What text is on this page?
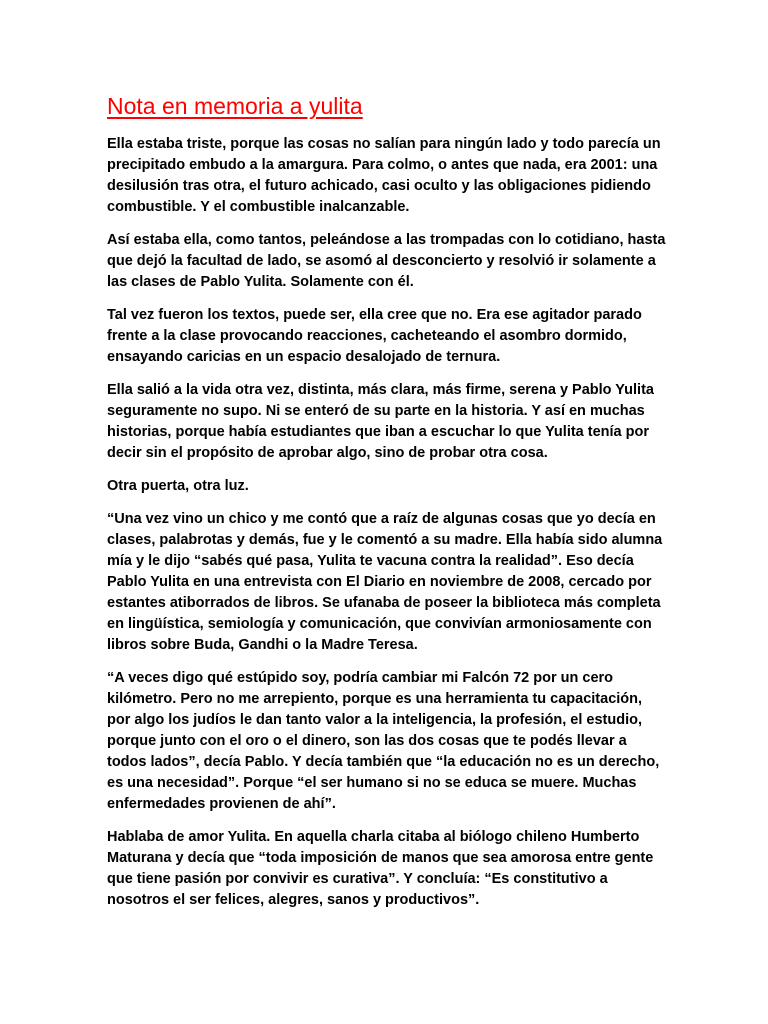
Nota en memoria a yulita

Ella estaba triste, porque las cosas no salían para ningún lado y todo parecía un precipitado embudo a la amargura. Para colmo, o antes que nada, era 2001: una desilusión tras otra, el futuro achicado, casi oculto y las obligaciones pidiendo combustible. Y el combustible inalcanzable.

Así estaba ella, como tantos, peleándose a las trompadas con lo cotidiano, hasta que dejó la facultad de lado, se asomó al desconcierto y resolvió ir solamente a las clases de Pablo Yulita. Solamente con él.

Tal vez fueron los textos, puede ser, ella cree que no. Era ese agitador parado frente a la clase provocando reacciones, cacheteando el asombro dormido, ensayando caricias en un espacio desalojado de ternura.

Ella salió a la vida otra vez, distinta, más clara, más firme, serena y Pablo Yulita seguramente no supo. Ni se enteró de su parte en la historia. Y así en muchas historias, porque había estudiantes que iban a escuchar lo que Yulita tenía por decir sin el propósito de aprobar algo, sino de probar otra cosa.

Otra puerta, otra luz.

“Una vez vino un chico y me contó que a raíz de algunas cosas que yo decía en clases, palabrotas y demás, fue y le comentó a su madre. Ella había sido alumna mía y le dijo “sabés qué pasa, Yulita te vacuna contra la realidad”. Eso decía Pablo Yulita en una entrevista con El Diario en noviembre de 2008, cercado por estantes atiborrados de libros. Se ufanaba de poseer la biblioteca más completa en lingüística, semiología y comunicación, que convivían armoniosamente con libros sobre Buda, Gandhi o la Madre Teresa.

“A veces digo qué estúpido soy, podría cambiar mi Falcón 72 por un cero kilómetro. Pero no me arrepiento, porque es una herramienta tu capacitación, por algo los judíos le dan tanto valor a la inteligencia, la profesión, el estudio, porque junto con el oro o el dinero, son las dos cosas que te podés llevar a todos lados”, decía Pablo. Y decía también que “la educación no es un derecho, es una necesidad”. Porque “el ser humano si no se educa se muere. Muchas enfermedades provienen de ahí”.

Hablaba de amor Yulita. En aquella charla citaba al biólogo chileno Humberto Maturana y decía que “toda imposición de manos que sea amorosa entre gente que tiene pasión por convivir es curativa”. Y concluía: “Es constitutivo a nosotros el ser felices, alegres, sanos y productivos”.
